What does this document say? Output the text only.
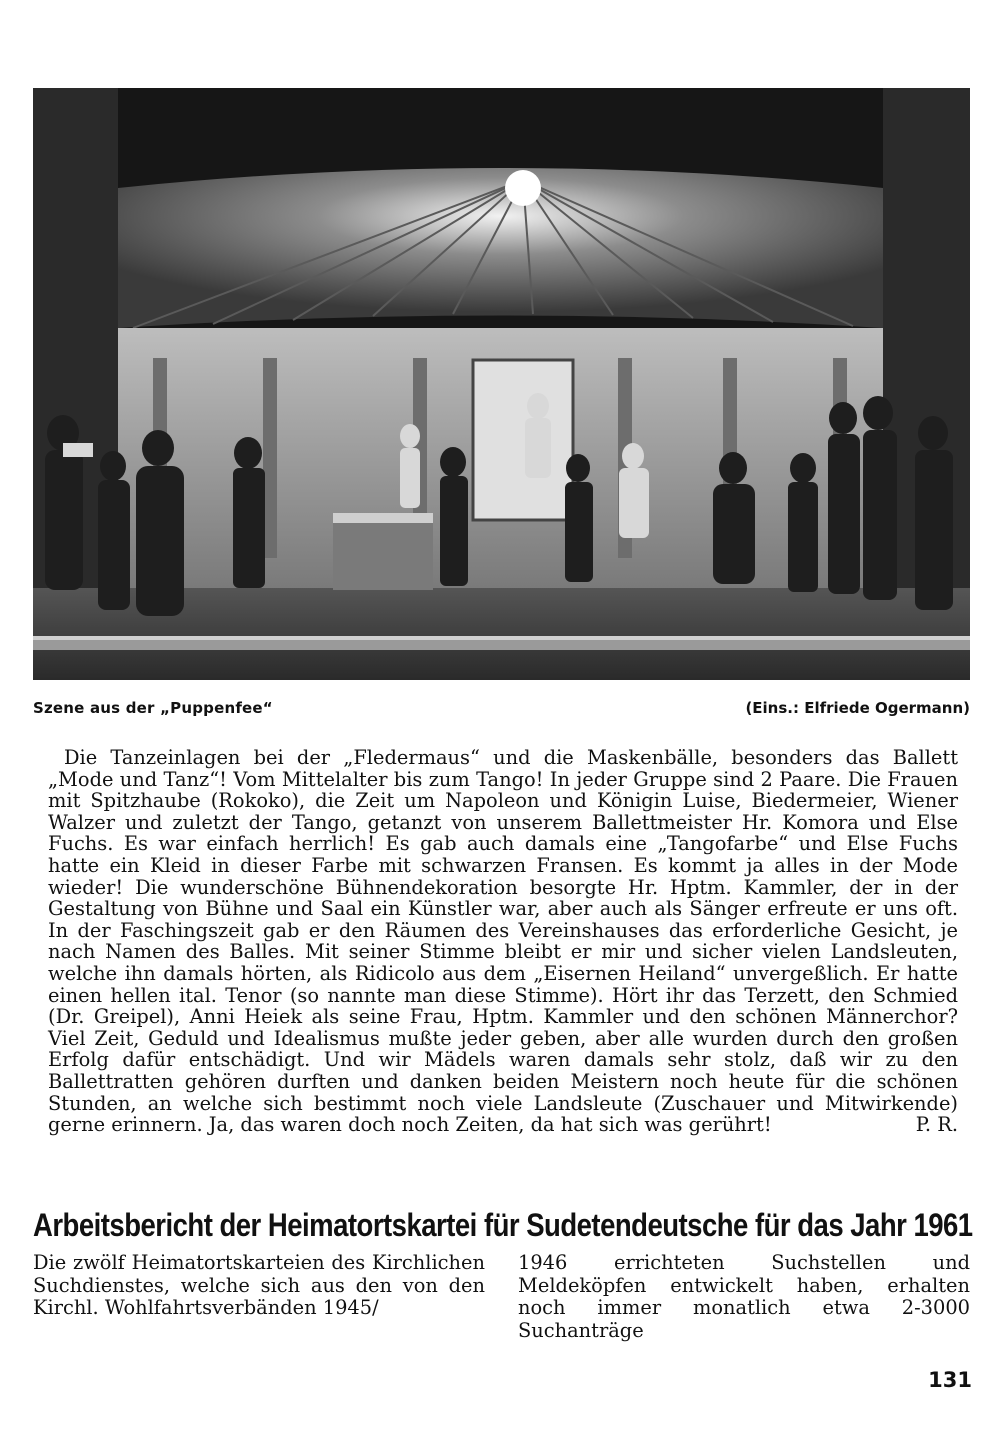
Szene aus der „Puppenfee“	(Eins.: Elfriede Ogermann)

Die Tanzeinlagen bei der „Fledermaus“ und die Maskenbälle, besonders das Ballett „Mode und Tanz“! Vom Mittelalter bis zum Tango! In jeder Gruppe sind 2 Paare. Die Frauen mit Spitzhaube (Rokoko), die Zeit um Napoleon und Königin Luise, Biedermeier, Wiener Walzer und zuletzt der Tango, getanzt von unserem Ballettmeister Hr. Komora und Else Fuchs. Es war einfach herrlich! Es gab auch damals eine „Tangofarbe“ und Else Fuchs hatte ein Kleid in dieser Farbe mit schwarzen Fransen. Es kommt ja alles in der Mode wieder! Die wunderschöne Bühnendekoration besorgte Hr. Hptm. Kammler, der in der Gestaltung von Bühne und Saal ein Künstler war, aber auch als Sänger erfreute er uns oft. In der Faschingszeit gab er den Räumen des Vereinshauses das erforderliche Gesicht, je nach Namen des Balles. Mit seiner Stimme bleibt er mir und sicher vielen Landsleuten, welche ihn damals hörten, als Ridicolo aus dem „Eisernen Heiland“ unvergeßlich. Er hatte einen hellen ital. Tenor (so nannte man diese Stimme). Hört ihr das Terzett, den Schmied (Dr. Greipel), Anni Heiek als seine Frau, Hptm. Kammler und den schönen Männerchor? Viel Zeit, Geduld und Idealismus mußte jeder geben, aber alle wurden durch den großen Erfolg dafür entschädigt. Und wir Mädels waren damals sehr stolz, daß wir zu den Ballettratten gehören durften und danken beiden Meistern noch heute für die schönen Stunden, an welche sich bestimmt noch viele Landsleute (Zuschauer und Mitwirkende) gerne erinnern. Ja, das waren doch noch Zeiten, da hat sich was gerührt!	P. R.

Arbeitsbericht der Heimatortskartei für Sudetendeutsche für das Jahr 1961
Die zwölf Heimatortskarteien des Kirchlichen Suchdienstes, welche sich aus den von den Kirchl. Wohlfahrtsverbänden 1945/
1946 errichteten Suchstellen und Meldeköpfen entwickelt haben, erhalten noch immer monatlich etwa 2-3000 Suchanträge
131
